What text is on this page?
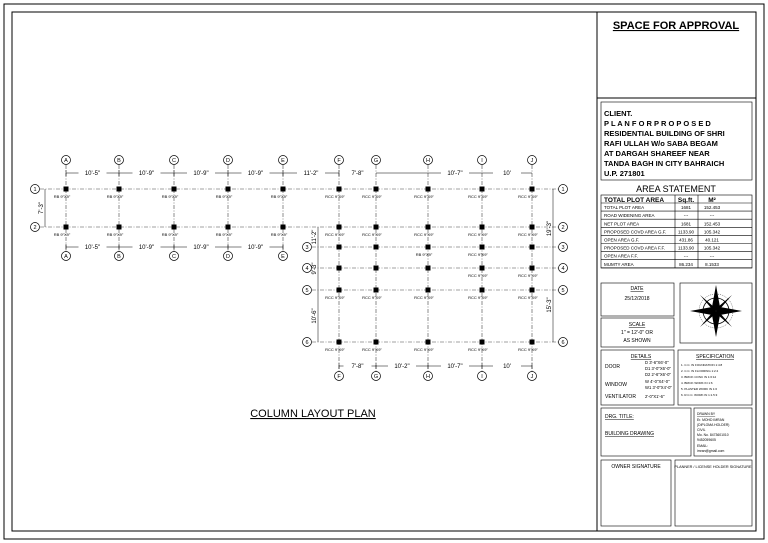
SPACE FOR APPROVAL
CLIENT.
P L A N F O R P R O P O S E D
RESIDENTIAL BUILDING OF SHRI
RAFI ULLAH W/o SABA BEGAM
AT DARGAH SHAREEF NEAR
TANDA BAGH IN CITY BAHRAICH
U.P. 271801
AREA STATEMENT
TOTAL PLOT AREA Sq.ft. M²
TOTAL PLOT AREA	1681	152.453
ROAD WIDENING AREA	---	---
NET PLOT AREA	1681	152.453
PROPOSED COVD AREA G.F.	1133.90 105.342
OPEN AREA G.F.	431.86	40.121
PROPOSED COVD AREA F.F.	1133.90 105.342
OPEN AREA F.F.	---	---
MUMTY AREA	86.234	8.1533
DATE
25/12/2018
SCALE
1" = 12'-0" OR
AS SHOWN
DETAILS
DOOR
D 3'-6"X6'-0"
D1 3'-0"X6'-0"
D2 2'-6"X6'-0"
WINDOW
W 4'-0"X4'-0"
W1 3'-0"X4'-0"
VENTILATOR 2'-0"X1'-6"
SPECIFICATION
1. C.C. IN FOUNDATION 1:4:8
2. C.C. IN FLOORING 1:2:4
3. BRICK CONC IN 1:6:12
4. BRICK WORK IN 1:6
5. PLASTER WORK IN 1:6
6. R.C.C. WORK IN 1:1.5:3
DRG. TITLE:
BUILDING DRAWING
DRAWN BY
Er. MOHD IMRAN
(DIPLOMA HOLDER)
CIVIL
Mo. No. 8473601010
9452059605
EMAIL:
imran@gmail.com
OWNER SIGNATURE	PLANNER / LICENSE HOLDER SIGNATURE
COLUMN LAYOUT PLAN
A	B	C	D	E	F	G	H	I	J
A	B	C	D	E
F	G	H	I	J
1
2
3
4
5
6
1
2
3
4
5
6
RB 9"X9"	RB 9"X9"	RB 9"X9"	RB 9"X9"	RB 9"X9"	RCC 9"X9"	RCC 9"X9"	RCC 9"X9"	RCC 9"X9"	RCC 9"X9"
RB 9"X9"	RB 9"X9"	RB 9"X9"	RB 9"X9"	RB 9"X9"	RCC 9"X9"	RCC 9"X9"	RCC 9"X9"	RCC 9"X9"	RCC 9"X9"
RCC 9"X9"
RCC 9"X9"	RCC 9"X9"
RCC 9"X9"	RCC 9"X9"	RCC 9"X9"	RCC 9"X9"	RCC 9"X9"
RCC 9"X9"	RCC 9"X9"	RCC 9"X9"	RCC 9"X9"	RCC 9"X9"
RB 9"X9"
10'-5"	10'-9"	10'-9"	10'-9"	11'-2"	7'-8"	10'-7"	10'
10'-5"	10'-9"	10'-9"	10'-9"
7'-8"	10'-2"	10'-7"	10'
7'-3"
11'-2"
9'-3"
10'-6"
19'-3"
15'-3"
